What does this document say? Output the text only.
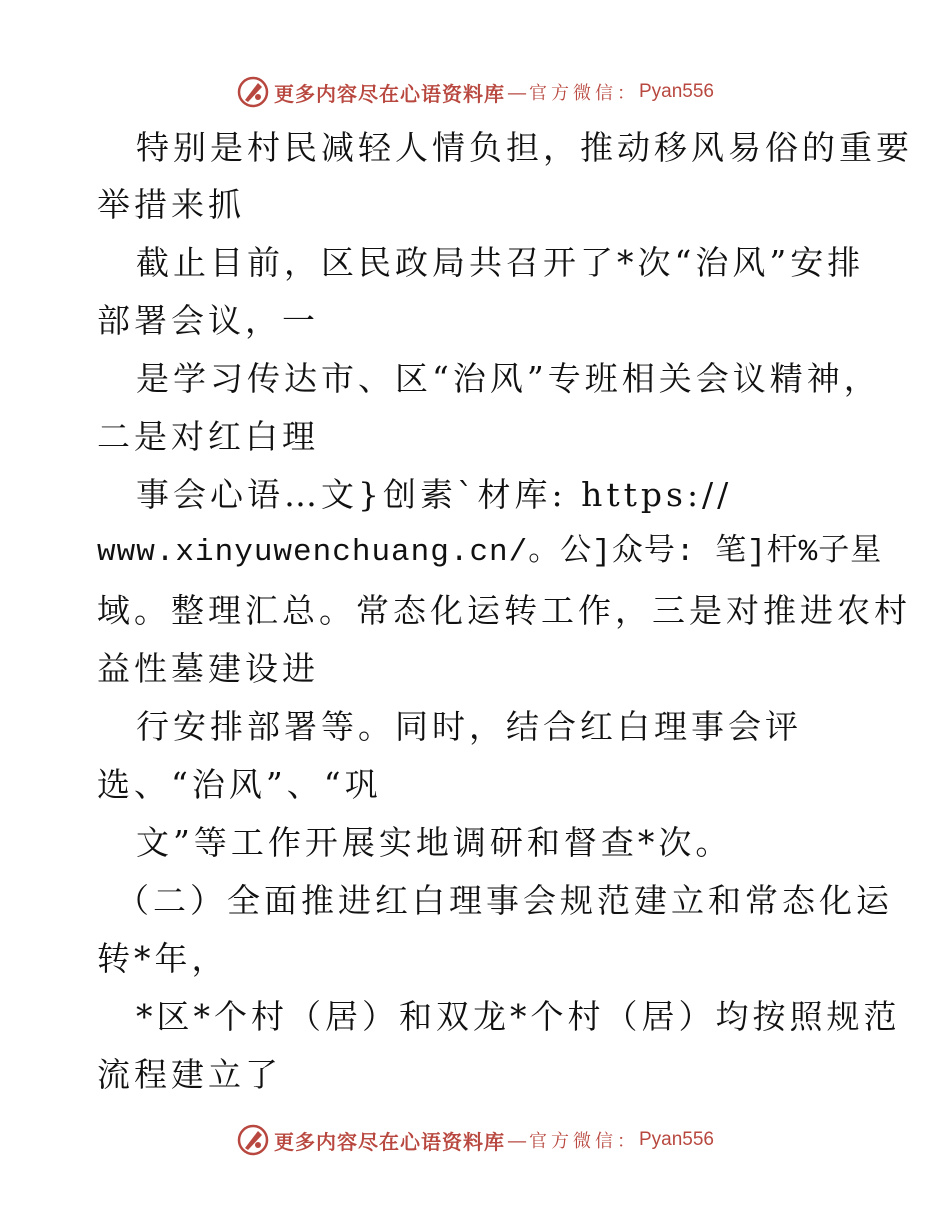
更多内容尽在心语资料库 — 官方微信： Pyan556
特别是村民减轻人情负担，推动移风易俗的重要
举措来抓
截止目前，区民政局共召开了*次“治风”安排
部署会议，一
是学习传达市、区“治风”专班相关会议精神，
二是对红白理
事会心语…文}创素`材库: https://
www.xinyuwenchuang.cn/。公]众号: 笔]杆%子星
域。整理汇总。常态化运转工作，三是对推进农村
益性墓建设进
行安排部署等。同时，结合红白理事会评
选、“治风”、“巩
文”等工作开展实地调研和督查*次。
（二）全面推进红白理事会规范建立和常态化运
转*年，
*区*个村（居）和双龙*个村（居）均按照规范
流程建立了
更多内容尽在心语资料库 — 官方微信： Pyan556
